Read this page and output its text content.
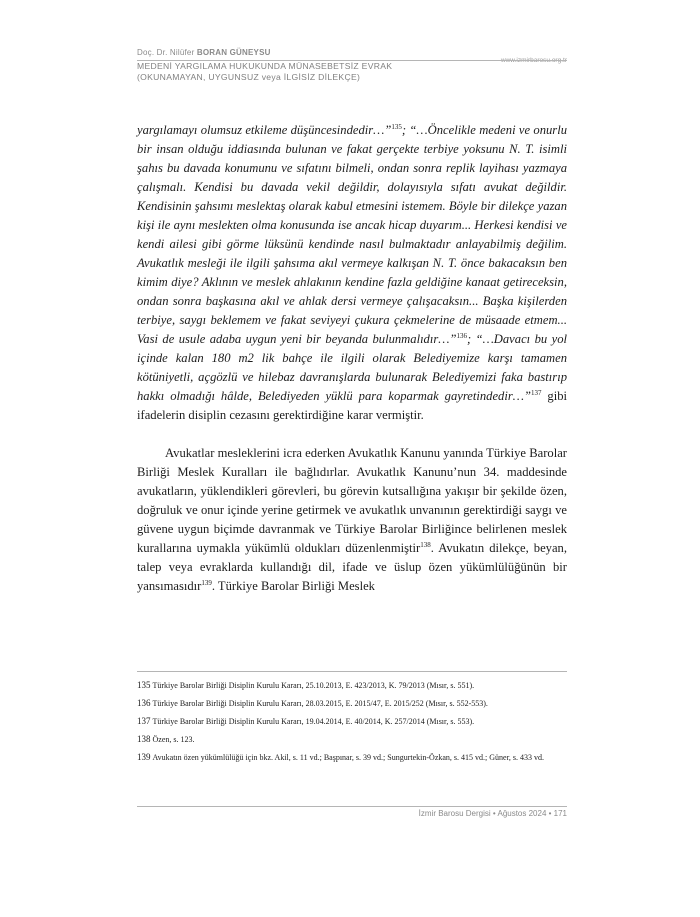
Doç. Dr. Nilüfer BORAN GÜNEYSU
MEDENİ YARGILAMA HUKUKUNDA MÜNASEBETSİZ EVRAK
(OKUNAMAYAN, UYGUNSUZ veya İLGİSİZ DİLEKÇE)
www.izmirbarosu.org.tr

yargılamayı olumsuz etkileme düşüncesindedir…”$^{135}$; “…Öncelikle medeni ve onurlu bir insan olduğu iddiasında bulunan ve fakat gerçekte terbiye yoksunu N. T. isimli şahıs bu davada konumunu ve sıfatını bilmeli, ondan sonra replik layihası yazmaya çalışmalı. Kendisi bu davada vekil değildir, dolayısıyla sıfatı avukat değildir. Kendisinin şahsımı meslektaş olarak kabul etmesini istemem. Böyle bir dilekçe yazan kişi ile aynı meslekten olma konusunda ise ancak hicap duyarım... Herkesi kendisi ve kendi ailesi gibi görme lüksünü kendinde nasıl bulmaktadır anlayabilmiş değilim. Avukatlık mesleği ile ilgili şahsıma akıl vermeye kalkışan N. T. önce bakacaksın ben kimim diye? Aklının ve meslek ahlakının kendine fazla geldiğine kanaat getireceksin, ondan sonra başkasına akıl ve ahlak dersi vermeye çalışacaksın... Başka kişilerden terbiye, saygı beklemem ve fakat seviyeyi çukura çekmelerine de müsaade etmem... Vasi de usule adaba uygun yeni bir beyanda bulunmalıdır…”$^{136}$; “…Davacı bu yol içinde kalan 180 m2 lik bahçe ile ilgili olarak Belediyemize karşı tamamen kötüniyetli, açgözlü ve hilebaz davranışlarda bulunarak Belediyemizi faka bastırıp hakkı olmadığı hâlde, Belediyeden yüklü para koparmak gayretindedir…”$^{137}$ gibi ifadelerin disiplin cezasını gerektirdiğine karar vermiştir.

Avukatlar mesleklerini icra ederken Avukatlık Kanunu yanında Türkiye Barolar Birliği Meslek Kuralları ile bağlıdırlar. Avukatlık Kanunu’nun 34. maddesinde avukatların, yüklendikleri görevleri, bu görevin kutsallığına yakışır bir şekilde özen, doğruluk ve onur içinde yerine getirmek ve avukatlık unvanının gerektirdiği saygı ve güvene uygun biçimde davranmak ve Türkiye Barolar Birliğince belirlenen meslek kurallarına uymakla yükümlü oldukları düzenlenmiştir$^{138}$. Avukatın dilekçe, beyan, talep veya evraklarda kullandığı dil, ifade ve üslup özen yükümlülüğünün bir yansımasıdır$^{139}$. Türkiye Barolar Birliği Meslek

135 Türkiye Barolar Birliği Disiplin Kurulu Kararı, 25.10.2013, E. 423/2013, K. 79/2013 (Mısır, s. 551).
136 Türkiye Barolar Birliği Disiplin Kurulu Kararı, 28.03.2015, E. 2015/47, E. 2015/252 (Mısır, s. 552-553).
137 Türkiye Barolar Birliği Disiplin Kurulu Kararı, 19.04.2014, E. 40/2014, K. 257/2014 (Mısır, s. 553).
138 Özen, s. 123.
139 Avukatın özen yükümlülüğü için bkz. Akil, s. 11 vd.; Başpınar, s. 39 vd.; Sungurtekin-Özkan, s. 415 vd.; Güner, s. 433 vd.
İzmir Barosu Dergisi • Ağustos 2024 • 171
